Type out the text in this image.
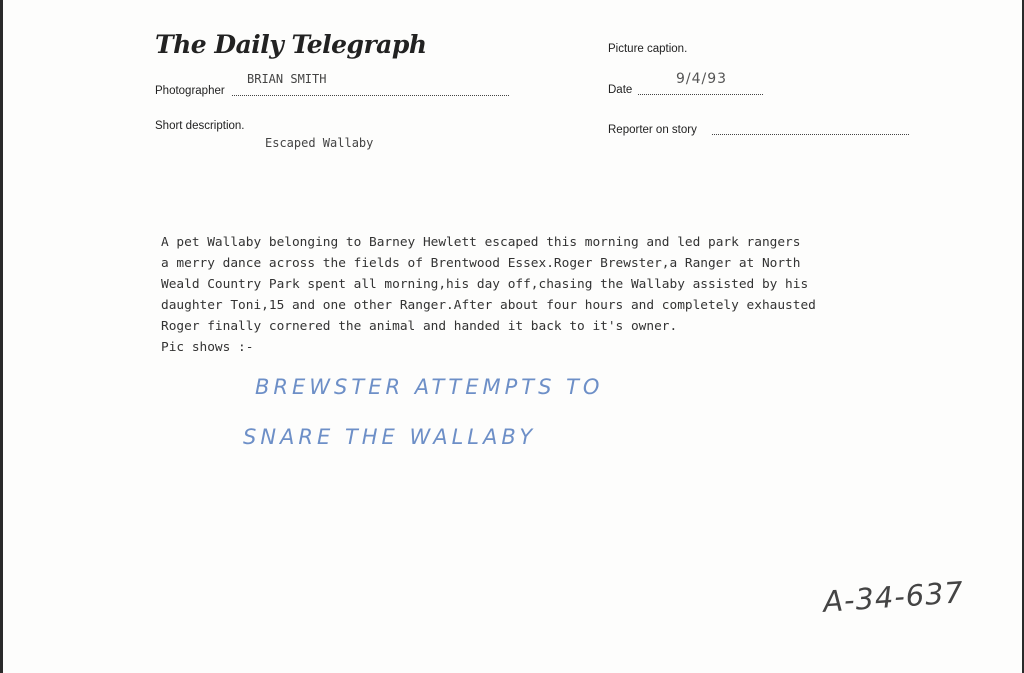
The Daily Telegraph	Picture caption.
BRIAN SMITH
Photographer
9/4/93
Date
Short description.
Escaped Wallaby
Reporter on story
A pet Wallaby belonging to Barney Hewlett escaped this morning and led park rangers
a merry dance across the fields of Brentwood Essex.Roger Brewster,a Ranger at North
Weald Country Park spent all morning,his day off,chasing the Wallaby assisted by his
daughter Toni,15 and one other Ranger.After about four hours and completely exhausted
Roger finally cornered the animal and handed it back to it's owner.
Pic shows :-
BREWSTER ATTEMPTS TO
SNARE THE WALLABY
A-34-637
